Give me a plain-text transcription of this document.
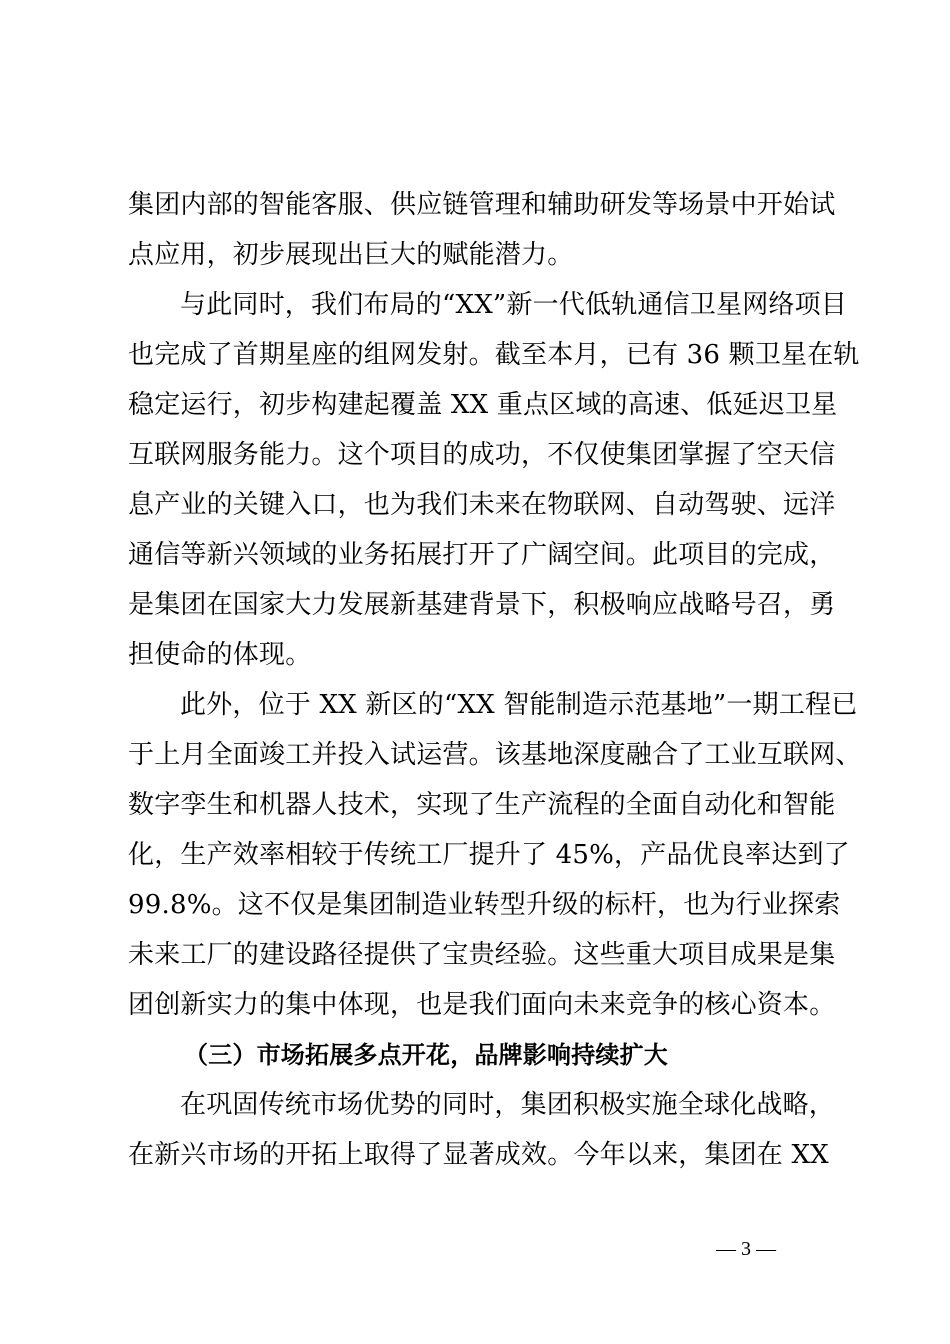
集团内部的智能客服、供应链管理和辅助研发等场景中开始试
点应用，初步展现出巨大的赋能潜力。
与此同时，我们布局的“XX”新一代低轨通信卫星网络项目
也完成了首期星座的组网发射。截至本月，已有 36 颗卫星在轨
稳定运行，初步构建起覆盖 XX 重点区域的高速、低延迟卫星
互联网服务能力。这个项目的成功，不仅使集团掌握了空天信
息产业的关键入口，也为我们未来在物联网、自动驾驶、远洋
通信等新兴领域的业务拓展打开了广阔空间。此项目的完成，
是集团在国家大力发展新基建背景下，积极响应战略号召，勇
担使命的体现。
此外，位于 XX 新区的“XX 智能制造示范基地”一期工程已
于上月全面竣工并投入试运营。该基地深度融合了工业互联网、
数字孪生和机器人技术，实现了生产流程的全面自动化和智能
化，生产效率相较于传统工厂提升了 45%，产品优良率达到了
99.8%。这不仅是集团制造业转型升级的标杆，也为行业探索
未来工厂的建设路径提供了宝贵经验。这些重大项目成果是集
团创新实力的集中体现，也是我们面向未来竞争的核心资本。
（三）市场拓展多点开花，品牌影响持续扩大
在巩固传统市场优势的同时，集团积极实施全球化战略，
在新兴市场的开拓上取得了显著成效。今年以来，集团在 XX
— 3 —
